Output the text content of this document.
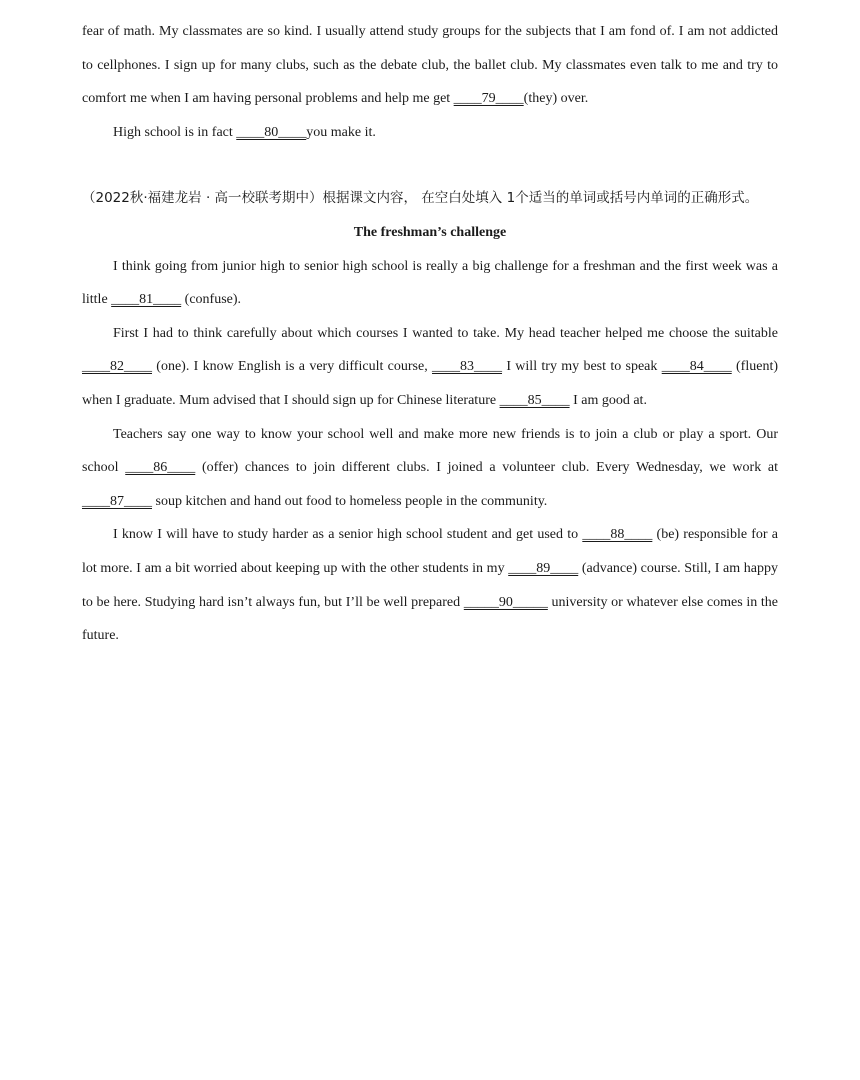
fear of math. My classmates are so kind. I usually attend study groups for the subjects that I am fond of. I am not addicted to cellphones. I sign up for many clubs, such as the debate club, the ballet club. My classmates even talk to me and try to comfort me when I am having personal problems and help me get ____79____(they) over.

High school is in fact ____80____you make it.

（2022秋·福建龙岩 · 高一校联考期中）根据课文内容， 在空白处填入 1个适当的单词或括号内单词的正确形式。

The freshman’s challenge

I think going from junior high to senior high school is really a big challenge for a freshman and the first week was a little ____81____ (confuse).

First I had to think carefully about which courses I wanted to take. My head teacher helped me choose the suitable ____82____ (one). I know English is a very difficult course, ____83____ I will try my best to speak ____84____ (fluent) when I graduate. Mum advised that I should sign up for Chinese literature ____85____ I am good at.

Teachers say one way to know your school well and make more new friends is to join a club or play a sport. Our school ____86____ (offer) chances to join different clubs. I joined a volunteer club. Every Wednesday, we work at ____87____ soup kitchen and hand out food to homeless people in the community.

I know I will have to study harder as a senior high school student and get used to ____88____ (be) responsible for a lot more. I am a bit worried about keeping up with the other students in my ____89____ (advance) course. Still, I am happy to be here. Studying hard isn’t always fun, but I’ll be well prepared _____90_____ university or whatever else comes in the future.
